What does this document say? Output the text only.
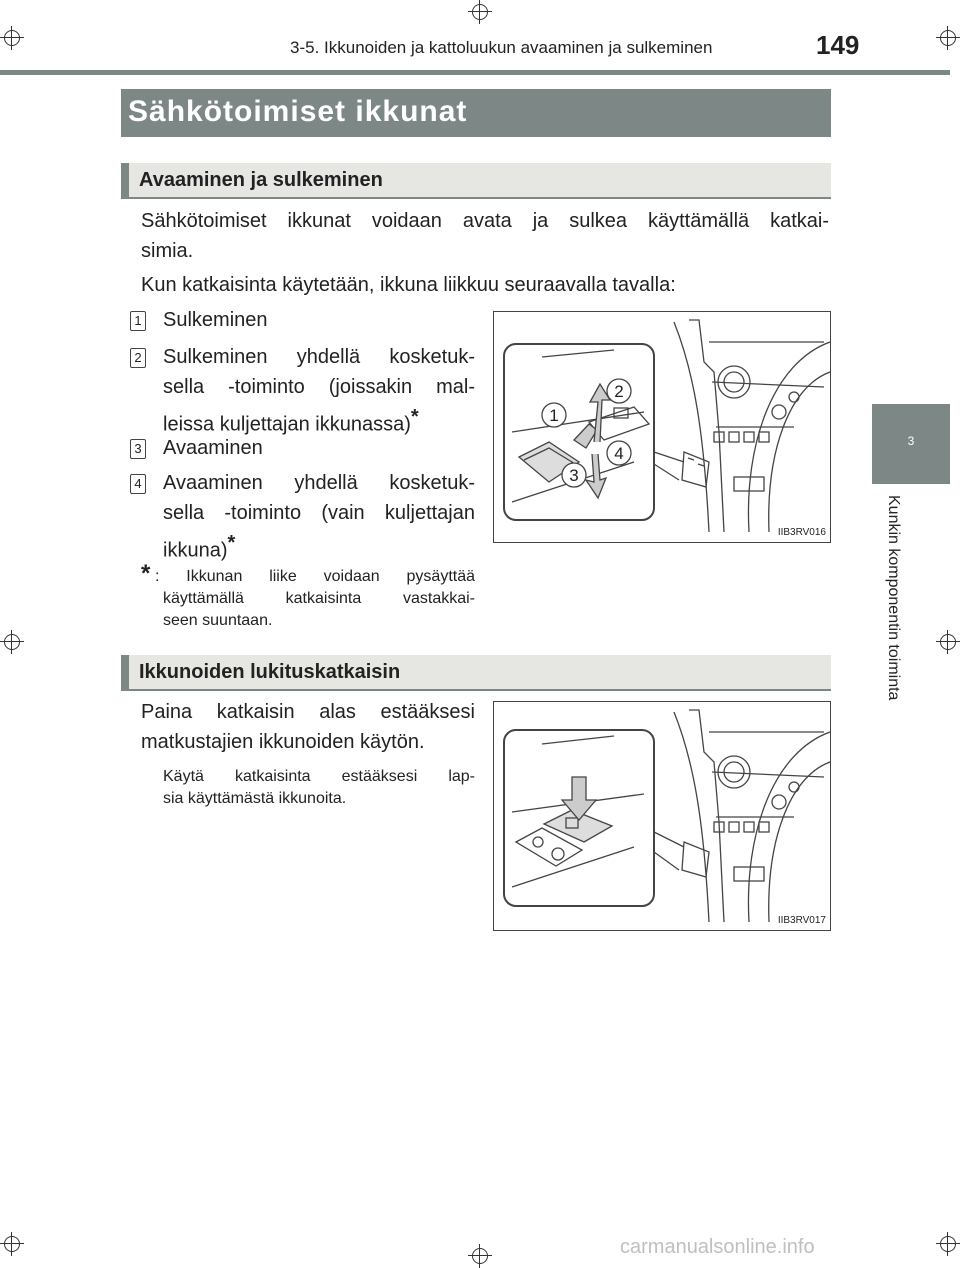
3-5. Ikkunoiden ja kattoluukun avaaminen ja sulkeminen	149
Sähkötoimiset ikkunat
Avaaminen ja sulkeminen
Sähkötoimiset ikkunat voidaan avata ja sulkea käyttämällä katkai-
simia.
Kun katkaisinta käytetään, ikkuna liikkuu seuraavalla tavalla:
1 Sulkeminen
2 Sulkeminen yhdellä kosketuk-
sella -toiminto (joissakin mal-
leissa kuljettajan ikkunassa)*
3 Avaaminen
4 Avaaminen yhdellä kosketuk-
sella -toiminto (vain kuljettajan
ikkuna)*
* : Ikkunan liike voidaan pysäyttää
käyttämällä katkaisinta vastakkai-
seen suuntaan.
1
2
3
4
IIB3RV016
Ikkunoiden lukituskatkaisin
Paina katkaisin alas estääksesi
matkustajien ikkunoiden käytön.
Käytä katkaisinta estääksesi lap-
sia käyttämästä ikkunoita.
IIB3RV017
3
Kunkin komponentin toiminta
carmanualsonline.info
